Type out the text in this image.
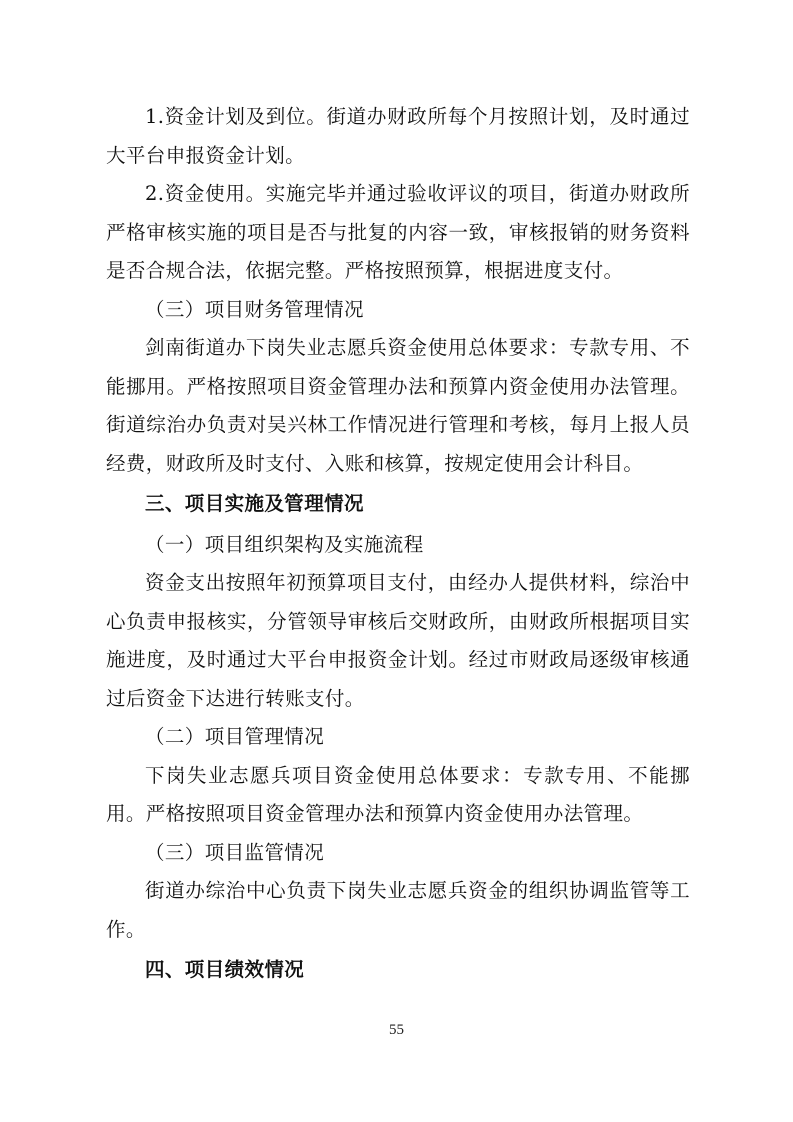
1.资金计划及到位。街道办财政所每个月按照计划，及时通过大平台申报资金计划。

2.资金使用。实施完毕并通过验收评议的项目，街道办财政所严格审核实施的项目是否与批复的内容一致，审核报销的财务资料是否合规合法，依据完整。严格按照预算，根据进度支付。

（三）项目财务管理情况

剑南街道办下岗失业志愿兵资金使用总体要求：专款专用、不能挪用。严格按照项目资金管理办法和预算内资金使用办法管理。街道综治办负责对吴兴林工作情况进行管理和考核，每月上报人员经费，财政所及时支付、入账和核算，按规定使用会计科目。

三、项目实施及管理情况

（一）项目组织架构及实施流程

资金支出按照年初预算项目支付，由经办人提供材料，综治中心负责申报核实，分管领导审核后交财政所，由财政所根据项目实施进度，及时通过大平台申报资金计划。经过市财政局逐级审核通过后资金下达进行转账支付。

（二）项目管理情况

下岗失业志愿兵项目资金使用总体要求：专款专用、不能挪用。严格按照项目资金管理办法和预算内资金使用办法管理。

（三）项目监管情况

街道办综治中心负责下岗失业志愿兵资金的组织协调监管等工作。

四、项目绩效情况

55
